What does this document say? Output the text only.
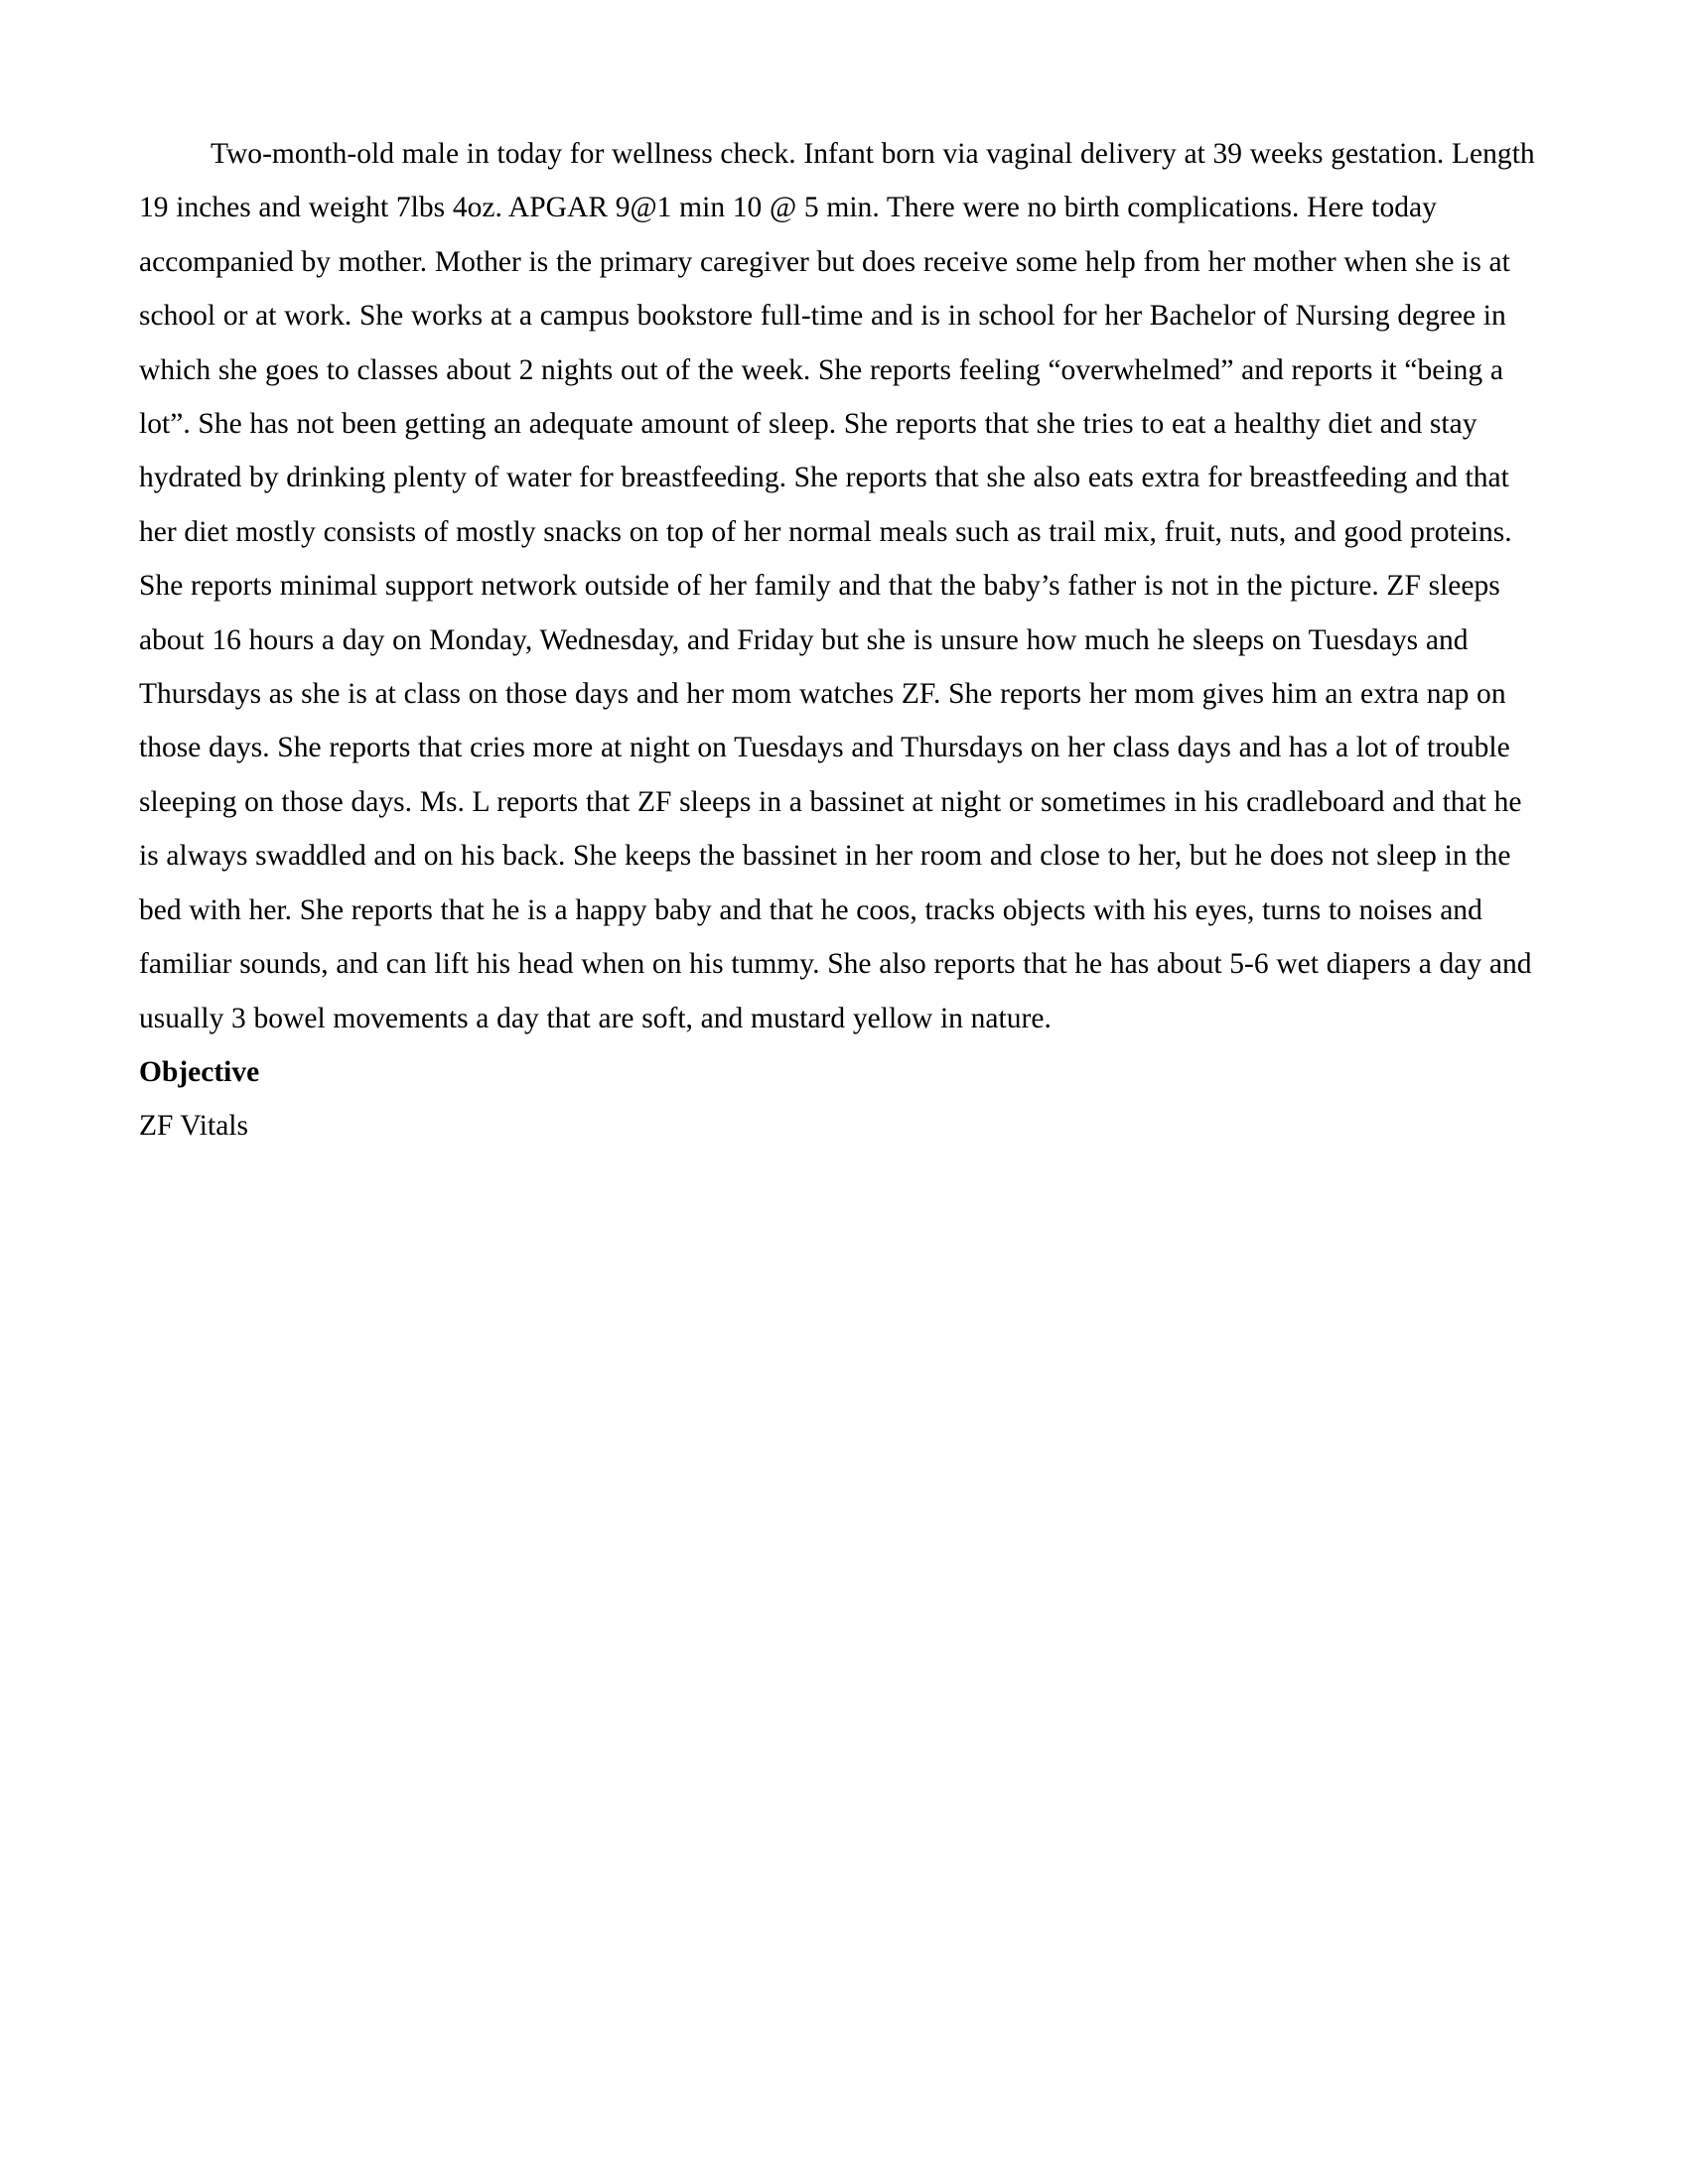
Two-month-old male in today for wellness check. Infant born via vaginal delivery at 39 weeks gestation. Length 19 inches and weight 7lbs 4oz. APGAR 9@1 min 10 @ 5 min. There were no birth complications. Here today accompanied by mother. Mother is the primary caregiver but does receive some help from her mother when she is at school or at work. She works at a campus bookstore full-time and is in school for her Bachelor of Nursing degree in which she goes to classes about 2 nights out of the week. She reports feeling “overwhelmed” and reports it “being a lot”. She has not been getting an adequate amount of sleep. She reports that she tries to eat a healthy diet and stay hydrated by drinking plenty of water for breastfeeding. She reports that she also eats extra for breastfeeding and that her diet mostly consists of mostly snacks on top of her normal meals such as trail mix, fruit, nuts, and good proteins. She reports minimal support network outside of her family and that the baby’s father is not in the picture. ZF sleeps about 16 hours a day on Monday, Wednesday, and Friday but she is unsure how much he sleeps on Tuesdays and Thursdays as she is at class on those days and her mom watches ZF. She reports her mom gives him an extra nap on those days. She reports that cries more at night on Tuesdays and Thursdays on her class days and has a lot of trouble sleeping on those days. Ms. L reports that ZF sleeps in a bassinet at night or sometimes in his cradleboard and that he is always swaddled and on his back. She keeps the bassinet in her room and close to her, but he does not sleep in the bed with her. She reports that he is a happy baby and that he coos, tracks objects with his eyes, turns to noises and familiar sounds, and can lift his head when on his tummy. She also reports that he has about 5-6 wet diapers a day and usually 3 bowel movements a day that are soft, and mustard yellow in nature.

Objective

ZF Vitals
